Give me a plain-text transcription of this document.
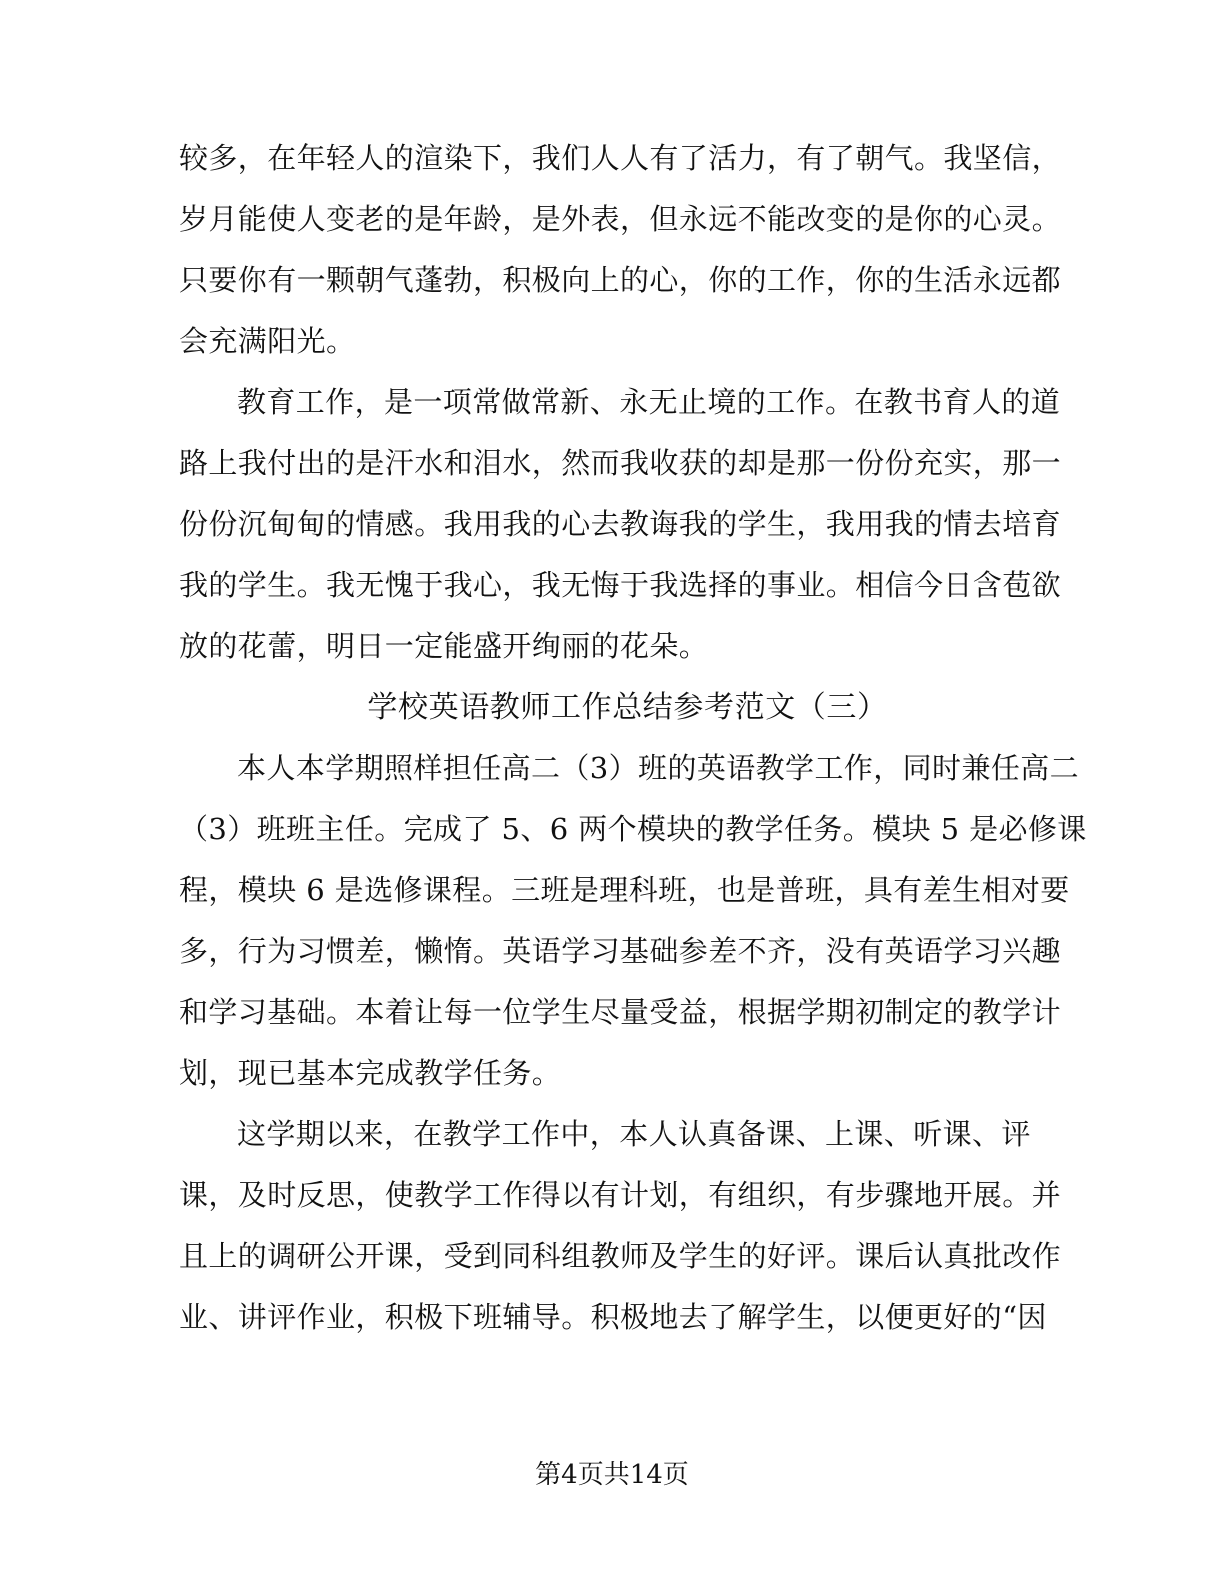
较多，在年轻人的渲染下，我们人人有了活力，有了朝气。我坚信，
岁月能使人变老的是年龄，是外表，但永远不能改变的是你的心灵。
只要你有一颗朝气蓬勃，积极向上的心，你的工作，你的生活永远都
会充满阳光。
教育工作，是一项常做常新、永无止境的工作。在教书育人的道
路上我付出的是汗水和泪水，然而我收获的却是那一份份充实，那一
份份沉甸甸的情感。我用我的心去教诲我的学生，我用我的情去培育
我的学生。我无愧于我心，我无悔于我选择的事业。相信今日含苞欲
放的花蕾，明日一定能盛开绚丽的花朵。
学校英语教师工作总结参考范文（三）
本人本学期照样担任高二（3）班的英语教学工作，同时兼任高二
（3）班班主任。完成了 5、6 两个模块的教学任务。模块 5 是必修课
程，模块 6 是选修课程。三班是理科班，也是普班，具有差生相对要
多，行为习惯差，懒惰。英语学习基础参差不齐，没有英语学习兴趣
和学习基础。本着让每一位学生尽量受益，根据学期初制定的教学计
划，现已基本完成教学任务。
这学期以来，在教学工作中，本人认真备课、上课、听课、评
课，及时反思，使教学工作得以有计划，有组织，有步骤地开展。并
且上的调研公开课，受到同科组教师及学生的好评。课后认真批改作
业、讲评作业，积极下班辅导。积极地去了解学生，以便更好的“因
第4页共14页
